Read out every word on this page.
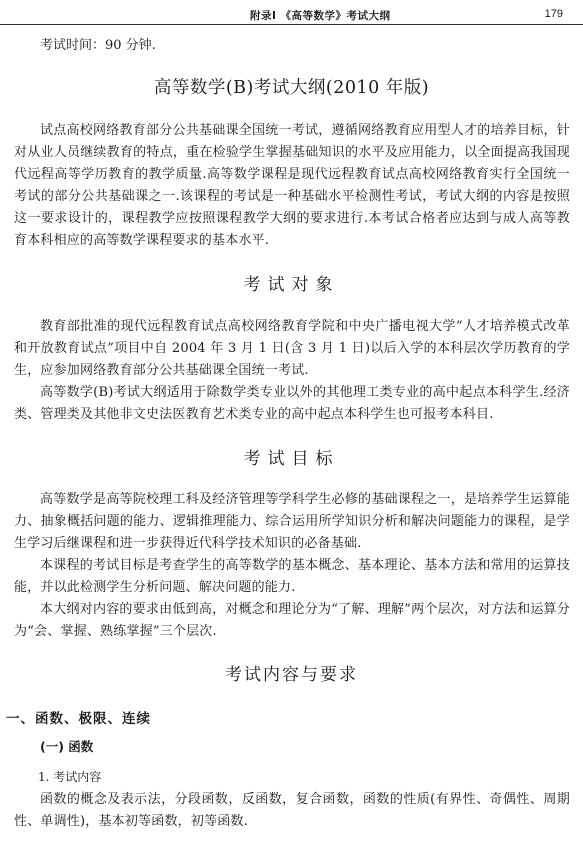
附录Ⅰ 《高等数学》考试大纲	179
考试时间：90 分钟.
高等数学(B)考试大纲(2010 年版)
试点高校网络教育部分公共基础课全国统一考试，遵循网络教育应用型人才的培养目标，针对从业人员继续教育的特点，重在检验学生掌握基础知识的水平及应用能力，以全面提高我国现代远程高等学历教育的教学质量.高等数学课程是现代远程教育试点高校网络教育实行全国统一考试的部分公共基础课之一.该课程的考试是一种基础水平检测性考试，考试大纲的内容是按照这一要求设计的，课程教学应按照课程教学大纲的要求进行.本考试合格者应达到与成人高等教育本科相应的高等数学课程要求的基本水平.
考试对象
教育部批准的现代远程教育试点高校网络教育学院和中央广播电视大学“人才培养模式改革和开放教育试点”项目中自 2004 年 3 月 1 日(含 3 月 1 日)以后入学的本科层次学历教育的学生，应参加网络教育部分公共基础课全国统一考试.
高等数学(B)考试大纲适用于除数学类专业以外的其他理工类专业的高中起点本科学生.经济类、管理类及其他非文史法医教育艺术类专业的高中起点本科学生也可报考本科目.
考试目标
高等数学是高等院校理工科及经济管理等学科学生必修的基础课程之一，是培养学生运算能力、抽象概括问题的能力、逻辑推理能力、综合运用所学知识分析和解决问题能力的课程，是学生学习后继课程和进一步获得近代科学技术知识的必备基础.
本课程的考试目标是考查学生的高等数学的基本概念、基本理论、基本方法和常用的运算技能，并以此检测学生分析问题、解决问题的能力.
本大纲对内容的要求由低到高，对概念和理论分为“了解、理解”两个层次，对方法和运算分为“会、掌握、熟练掌握”三个层次.
考试内容与要求
一、函数、极限、连续
(一) 函数
1. 考试内容
函数的概念及表示法，分段函数，反函数，复合函数，函数的性质(有界性、奇偶性、周期性、单调性)，基本初等函数，初等函数.
